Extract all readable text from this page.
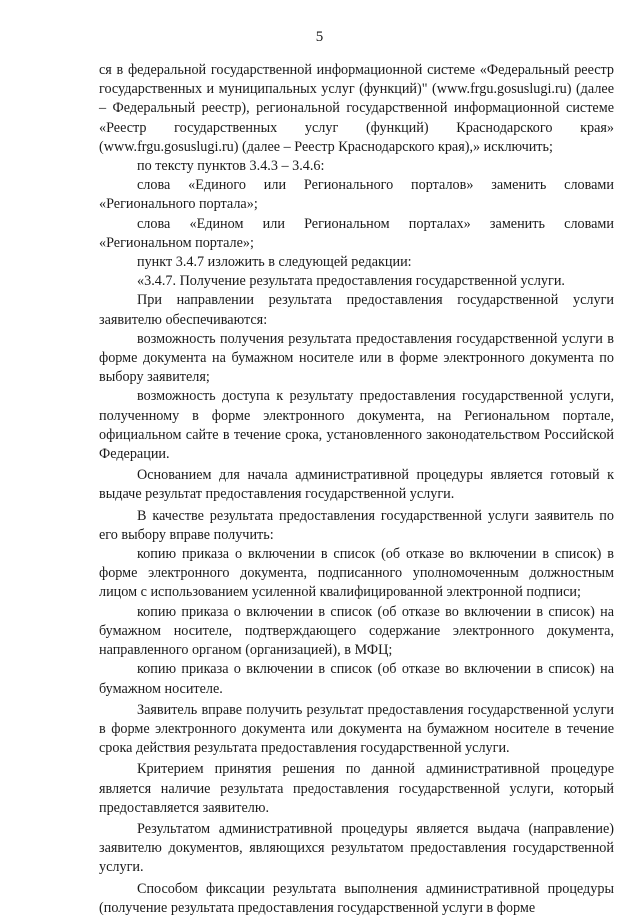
5

ся в федеральной государственной информационной системе «Федеральный реестр государственных и муниципальных услуг (функций)" (www.frgu.gosuslugi.ru) (далее – Федеральный реестр), региональной государственной информационной системе «Реестр государственных услуг (функций) Краснодарского края» (www.frgu.gosuslugi.ru) (далее – Реестр Краснодарского края),» исключить;

по тексту пунктов 3.4.3 – 3.4.6:

слова «Единого или Регионального порталов» заменить словами «Регионального портала»;

слова «Едином или Региональном порталах» заменить словами «Региональном портале»;

пункт 3.4.7 изложить в следующей редакции:

«3.4.7. Получение результата предоставления государственной услуги.

При направлении результата предоставления государственной услуги заявителю обеспечиваются:

возможность получения результата предоставления государственной услуги в форме документа на бумажном носителе или в форме электронного документа по выбору заявителя;

возможность доступа к результату предоставления государственной услуги, полученному в форме электронного документа, на Региональном портале, официальном сайте в течение срока, установленного законодательством Российской Федерации.

Основанием для начала административной процедуры является готовый к выдаче результат предоставления государственной услуги.

В качестве результата предоставления государственной услуги заявитель по его выбору вправе получить:

копию приказа о включении в список (об отказе во включении в список) в форме электронного документа, подписанного уполномоченным должностным лицом с использованием усиленной квалифицированной электронной подписи;

копию приказа о включении в список (об отказе во включении в список) на бумажном носителе, подтверждающего содержание электронного документа, направленного органом (организацией), в МФЦ;

копию приказа о включении в список (об отказе во включении в список) на бумажном носителе.

Заявитель вправе получить результат предоставления государственной услуги в форме электронного документа или документа на бумажном носителе в течение срока действия результата предоставления государственной услуги.

Критерием принятия решения по данной административной процедуре является наличие результата предоставления государственной услуги, который предоставляется заявителю.

Результатом административной процедуры является выдача (направление) заявителю документов, являющихся результатом предоставления государственной услуги.

Способом фиксации результата выполнения административной процедуры (получение результата предоставления государственной услуги в форме
